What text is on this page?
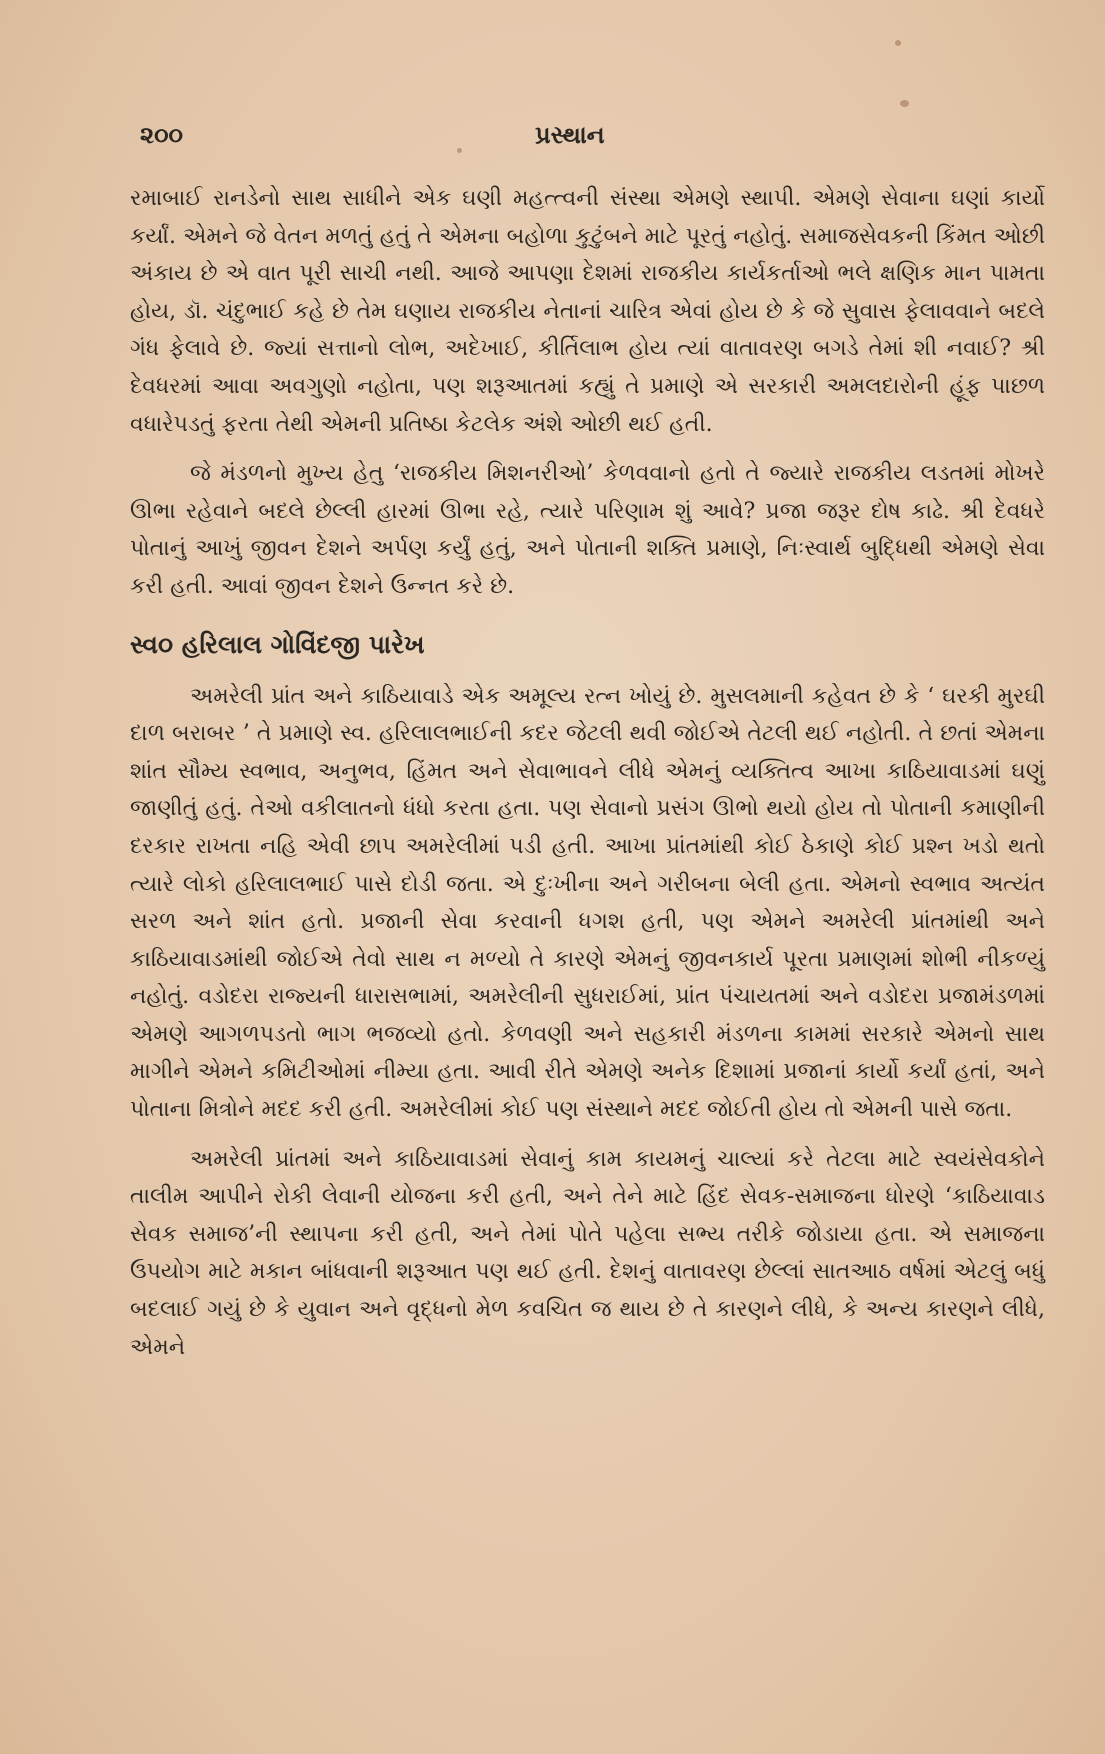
૨૦૦	પ્રસ્થાન

રમાબાઈ રાનડેનો સાથ સાધીને એક ઘણી મહત્ત્વની સંસ્થા એમણે સ્થાપી. એમણે સેવાના ઘણાં કાર્યો કર્યાં. એમને જે વેતન મળતું હતું તે એમના બહોળા કુટુંબને માટે પૂરતું નહોતું. સમાજસેવકની કિંમત ઓછી અંકાય છે એ વાત પૂરી સાચી નથી. આજે આપણા દેશમાં રાજકીય કાર્યકર્તાઓ ભલે ક્ષણિક માન પામતા હોય, ડૉ. ચંદુભાઈ કહે છે તેમ ઘણાય રાજકીય નેતાનાં ચારિત્ર એવાં હોય છે કે જે સુવાસ ફેલાવવાને બદલે ગંધ ફેલાવે છે. જ્યાં સત્તાનો લોભ, અદેખાઈ, કીર્તિલાભ હોય ત્યાં વાતાવરણ બગડે તેમાં શી નવાઈ? શ્રી દેવધરમાં આવા અવગુણો નહોતા, પણ શરૂઆતમાં કહ્યું તે પ્રમાણે એ સરકારી અમલદારોની હૂંફ પાછળ વધારેપડતું ફરતા તેથી એમની પ્રતિષ્ઠા કેટલેક અંશે ઓછી થઈ હતી.

જે મંડળનો મુખ્ય હેતુ ‘રાજકીય મિશનરીઓ’ કેળવવાનો હતો તે જ્યારે રાજકીય લડતમાં મોખરે ઊભા રહેવાને બદલે છેલ્લી હારમાં ઊભા રહે, ત્યારે પરિણામ શું આવે? પ્રજા જરૂર દોષ કાઢે. શ્રી દેવધરે પોતાનું આખું જીવન દેશને અર્પણ કર્યું હતું, અને પોતાની શક્તિ પ્રમાણે, નિઃસ્વાર્થ બુદ્ધિથી એમણે સેવા કરી હતી. આવાં જીવન દેશને ઉન્નત કરે છે.

સ્વ૦ હરિલાલ ગોવિંદજી પારેખ

અમરેલી પ્રાંત અને કાઠિયાવાડે એક અમૂલ્ય રત્ન ખોયું છે. મુસલમાની કહેવત છે કે ‘ ઘરકી મુરઘી દાળ બરાબર ’ તે પ્રમાણે સ્વ. હરિલાલભાઈની કદર જેટલી થવી જોઈએ તેટલી થઈ નહોતી. તે છતાં એમના શાંત સૌમ્ય સ્વભાવ, અનુભવ, હિંમત અને સેવાભાવને લીધે એમનું વ્યક્તિત્વ આખા કાઠિયાવાડમાં ઘણું જાણીતું હતું. તેઓ વકીલાતનો ધંધો કરતા હતા. પણ સેવાનો પ્રસંગ ઊભો થયો હોય તો પોતાની કમાણીની દરકાર રાખતા નહિ એવી છાપ અમરેલીમાં પડી હતી. આખા પ્રાંતમાંથી કોઈ ઠેકાણે કોઈ પ્રશ્ન ખડો થતો ત્યારે લોકો હરિલાલભાઈ પાસે દોડી જતા. એ દુઃખીના અને ગરીબના બેલી હતા. એમનો સ્વભાવ અત્યંત સરળ અને શાંત હતો. પ્રજાની સેવા કરવાની ધગશ હતી, પણ એમને અમરેલી પ્રાંતમાંથી અને કાઠિયાવાડમાંથી જોઈએ તેવો સાથ ન મળ્યો તે કારણે એમનું જીવનકાર્ય પૂરતા પ્રમાણમાં શોભી નીકળ્યું નહોતું. વડોદરા રાજ્યની ધારાસભામાં, અમરેલીની સુધરાઈમાં, પ્રાંત પંચાયતમાં અને વડોદરા પ્રજામંડળમાં એમણે આગળપડતો ભાગ ભજવ્યો હતો. કેળવણી અને સહકારી મંડળના કામમાં સરકારે એમનો સાથ માગીને એમને કમિટીઓમાં નીમ્યા હતા. આવી રીતે એમણે અનેક દિશામાં પ્રજાનાં કાર્યો કર્યાં હતાં, અને પોતાના મિત્રોને મદદ કરી હતી. અમરેલીમાં કોઈ પણ સંસ્થાને મદદ જોઈતી હોય તો એમની પાસે જતા.

અમરેલી પ્રાંતમાં અને કાઠિયાવાડમાં સેવાનું કામ કાયમનું ચાલ્યાં કરે તેટલા માટે સ્વયંસેવકોને તાલીમ આપીને રોકી લેવાની યોજના કરી હતી, અને તેને માટે હિંદ સેવક-સમાજના ધોરણે ‘કાઠિયાવાડ સેવક સમાજ’ની સ્થાપના કરી હતી, અને તેમાં પોતે પહેલા સભ્ય તરીકે જોડાયા હતા. એ સમાજના ઉપયોગ માટે મકાન બાંધવાની શરૂઆત પણ થઈ હતી. દેશનું વાતાવરણ છેલ્લાં સાતઆઠ વર્ષમાં એટલું બધું બદલાઈ ગયું છે કે યુવાન અને વૃદ્ધનો મેળ કવચિત જ થાય છે તે કારણને લીધે, કે અન્ય કારણને લીધે, એમને
